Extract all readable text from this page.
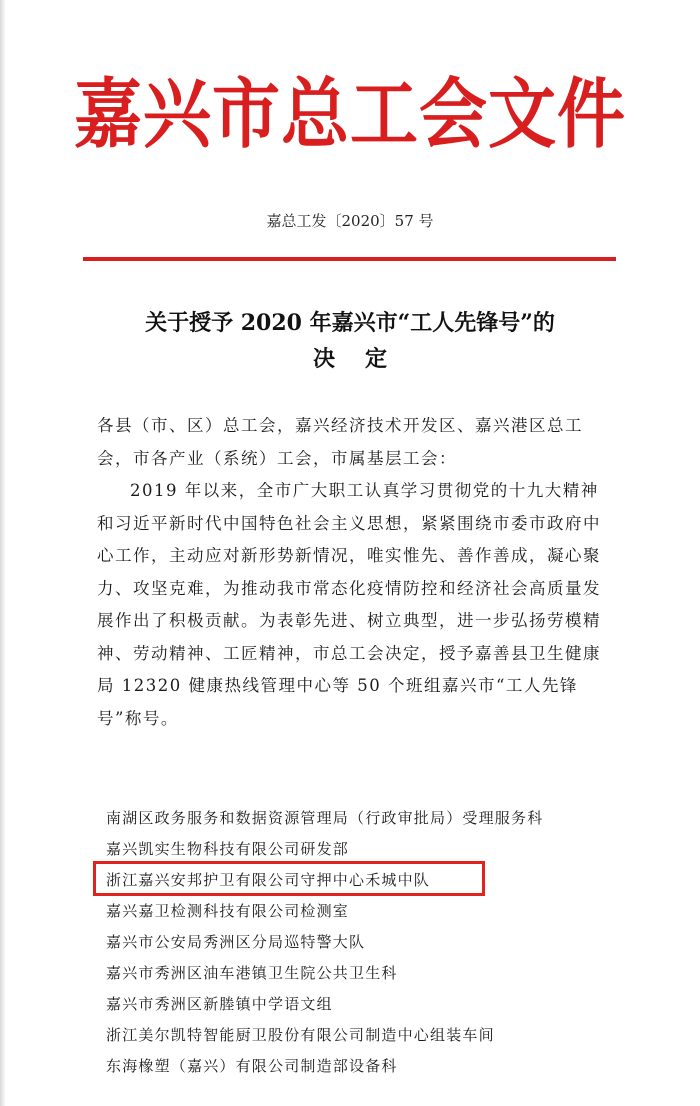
嘉兴市总工会文件
嘉总工发〔2020〕57 号
关于授予 2020 年嘉兴市“工人先锋号”的
决定

各县（市、区）总工会，嘉兴经济技术开发区、嘉兴港区总工会，市各产业（系统）工会，市属基层工会：

2019 年以来，全市广大职工认真学习贯彻党的十九大精神和习近平新时代中国特色社会主义思想，紧紧围绕市委市政府中心工作，主动应对新形势新情况，唯实惟先、善作善成，凝心聚力、攻坚克难，为推动我市常态化疫情防控和经济社会高质量发展作出了积极贡献。为表彰先进、树立典型，进一步弘扬劳模精神、劳动精神、工匠精神，市总工会决定，授予嘉善县卫生健康局 12320 健康热线管理中心等 50 个班组嘉兴市“工人先锋号”称号。

南湖区政务服务和数据资源管理局（行政审批局）受理服务科
嘉兴凯实生物科技有限公司研发部
浙江嘉兴安邦护卫有限公司守押中心禾城中队
嘉兴嘉卫检测科技有限公司检测室
嘉兴市公安局秀洲区分局巡特警大队
嘉兴市秀洲区油车港镇卫生院公共卫生科
嘉兴市秀洲区新塍镇中学语文组
浙江美尔凯特智能厨卫股份有限公司制造中心组装车间
东海橡塑（嘉兴）有限公司制造部设备科
